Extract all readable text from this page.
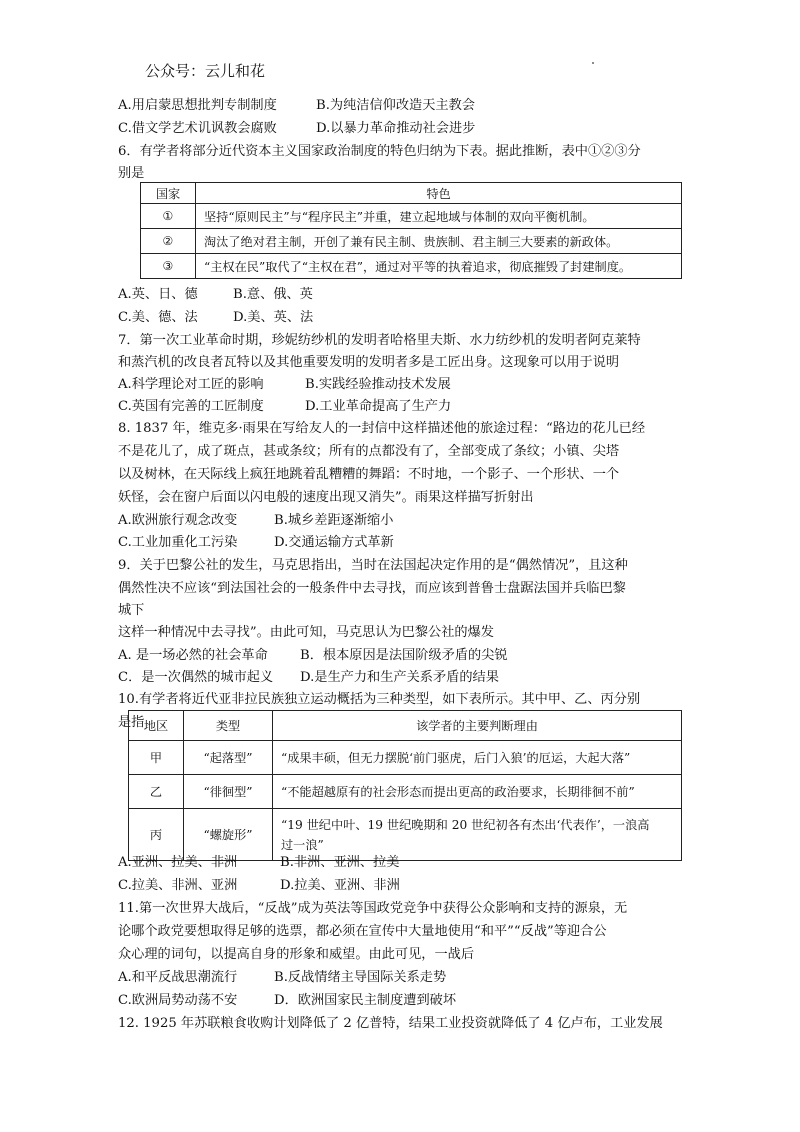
公众号：云儿和花
A.用启蒙思想批判专制制度	B.为纯洁信仰改造天主教会
C.借文学艺术讥讽教会腐败	D.以暴力革命推动社会进步
6．有学者将部分近代资本主义国家政治制度的特色归纳为下表。据此推断，表中①②③分
别是
国家	特色
①	坚持“原则民主”与“程序民主”并重，建立起地域与体制的双向平衡机制。
②	淘汰了绝对君主制，开创了兼有民主制、贵族制、君主制三大要素的新政体。
③	“主权在民”取代了“主权在君”，通过对平等的执着追求，彻底摧毁了封建制度。
A.英、日、德	B.意、俄、英
C.美、德、法	D.美、英、法
7．第一次工业革命时期，珍妮纺纱机的发明者哈格里夫斯、水力纺纱机的发明者阿克莱特
和蒸汽机的改良者瓦特以及其他重要发明的发明者多是工匠出身。这现象可以用于说明
A.科学理论对工匠的影响	B.实践经验推动技术发展
C.英国有完善的工匠制度	D.工业革命提高了生产力
8. 1837 年，维克多·雨果在写给友人的一封信中这样描述他的旅途过程：“路边的花儿已经
不是花儿了，成了斑点，甚或条纹；所有的点都没有了，全部变成了条纹；小镇、尖塔
以及树林，在天际线上疯狂地跳着乱糟糟的舞蹈：不时地，一个影子、一个形状、一个
妖怪，会在窗户后面以闪电般的速度出现又消失”。雨果这样描写折射出
A.欧洲旅行观念改变	B.城乡差距逐渐缩小
C.工业加重化工污染	D.交通运输方式革新
9．关于巴黎公社的发生，马克思指出，当时在法国起决定作用的是“偶然情况”，且这种
偶然性决不应该“到法国社会的一般条件中去寻找，而应该到普鲁士盘踞法国并兵临巴黎
城下
这样一种情况中去寻找”。由此可知，马克思认为巴黎公社的爆发
A. 是一场必然的社会革命 B．根本原因是法国阶级矛盾的尖锐
C．是一次偶然的城市起义 D.是生产力和生产关系矛盾的结果
10.有学者将近代亚非拉民族独立运动概括为三种类型，如下表所示。其中甲、乙、丙分别
是指 地区	类型	该学者的主要判断理由
甲	“起落型”	“成果丰硕，但无力摆脱‘前门驱虎，后门入狼’的厄运，大起大落”
乙	“徘徊型”	“不能超越原有的社会形态而提出更高的政治要求，长期徘徊不前”
丙	“螺旋形”	“19 世纪中叶、19 世纪晚期和 20 世纪初各有杰出‘代表作’，一浪高
过一浪”
A.亚洲、拉美、非洲	B.非洲、亚洲、拉美
C.拉美、非洲、亚洲	D.拉美、亚洲、非洲
11.第一次世界大战后，“反战”成为英法等国政党竞争中获得公众影响和支持的源泉，无
论哪个政党要想取得足够的选票，都必须在宣传中大量地使用“和平”“反战”等迎合公
众心理的词句，以提高自身的形象和威望。由此可见，一战后
A.和平反战思潮流行	B.反战情绪主导国际关系走势
C.欧洲局势动荡不安	D．欧洲国家民主制度遭到破坏
12. 1925 年苏联粮食收购计划降低了 2 亿普特，结果工业投资就降低了 4 亿卢布，工业发展
